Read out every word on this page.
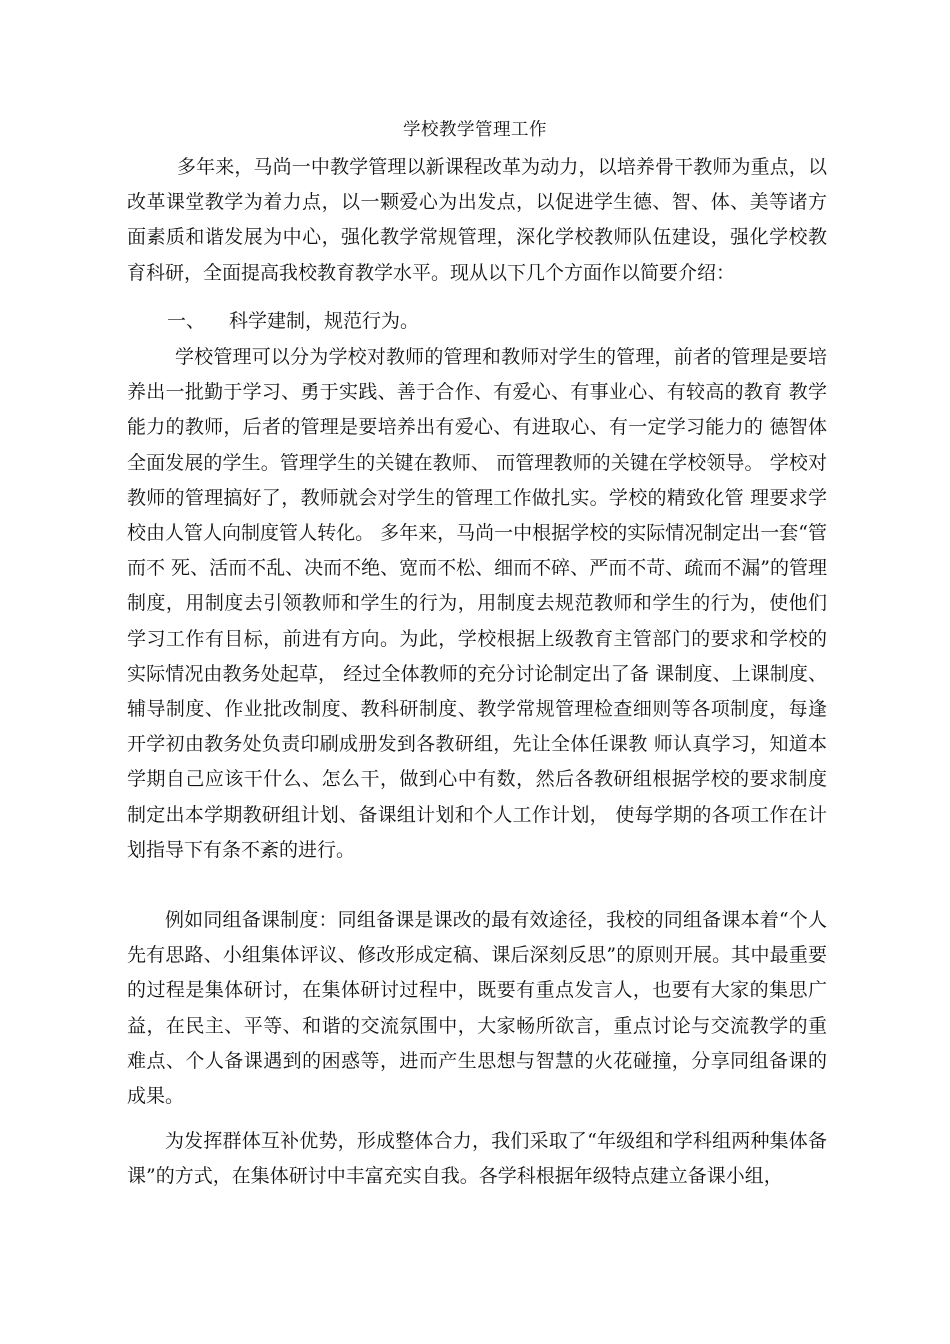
学校教学管理工作

多年来，马尚一中教学管理以新课程改革为动力，以培养骨干教师为重点，以改革课堂教学为着力点，以一颗爱心为出发点，以促进学生德、智、体、美等诸方面素质和谐发展为中心，强化教学常规管理，深化学校教师队伍建设，强化学校教育科研，全面提高我校教育教学水平。现从以下几个方面作以简要介绍：

一、 科学建制，规范行为。

学校管理可以分为学校对教师的管理和教师对学生的管理，前者的管理是要培养出一批勤于学习、勇于实践、善于合作、有爱心、有事业心、有较高的教育 教学能力的教师，后者的管理是要培养出有爱心、有进取心、有一定学习能力的 德智体全面发展的学生。管理学生的关键在教师、 而管理教师的关键在学校领导。 学校对教师的管理搞好了，教师就会对学生的管理工作做扎实。学校的精致化管 理要求学校由人管人向制度管人转化。 多年来，马尚一中根据学校的实际情况制定出一套“管而不 死、活而不乱、决而不绝、宽而不松、细而不碎、严而不苛、疏而不漏”的管理 制度，用制度去引领教师和学生的行为，用制度去规范教师和学生的行为，使他们学习工作有目标，前进有方向。为此，学校根据上级教育主管部门的要求和学校的实际情况由教务处起草， 经过全体教师的充分讨论制定出了备 课制度、上课制度、辅导制度、作业批改制度、教科研制度、教学常规管理检查细则等各项制度，每逢开学初由教务处负责印刷成册发到各教研组，先让全体任课教 师认真学习，知道本学期自己应该干什么、怎么干，做到心中有数，然后各教研组根据学校的要求制度制定出本学期教研组计划、备课组计划和个人工作计划， 使每学期的各项工作在计划指导下有条不紊的进行。

例如同组备课制度：同组备课是课改的最有效途径，我校的同组备课本着“个人先有思路、小组集体评议、修改形成定稿、课后深刻反思”的原则开展。其中最重要的过程是集体研讨，在集体研讨过程中，既要有重点发言人，也要有大家的集思广益，在民主、平等、和谐的交流氛围中，大家畅所欲言，重点讨论与交流教学的重难点、个人备课遇到的困惑等，进而产生思想与智慧的火花碰撞，分享同组备课的成果。

为发挥群体互补优势，形成整体合力，我们采取了“年级组和学科组两种集体备课”的方式，在集体研讨中丰富充实自我。各学科根据年级特点建立备课小组，
